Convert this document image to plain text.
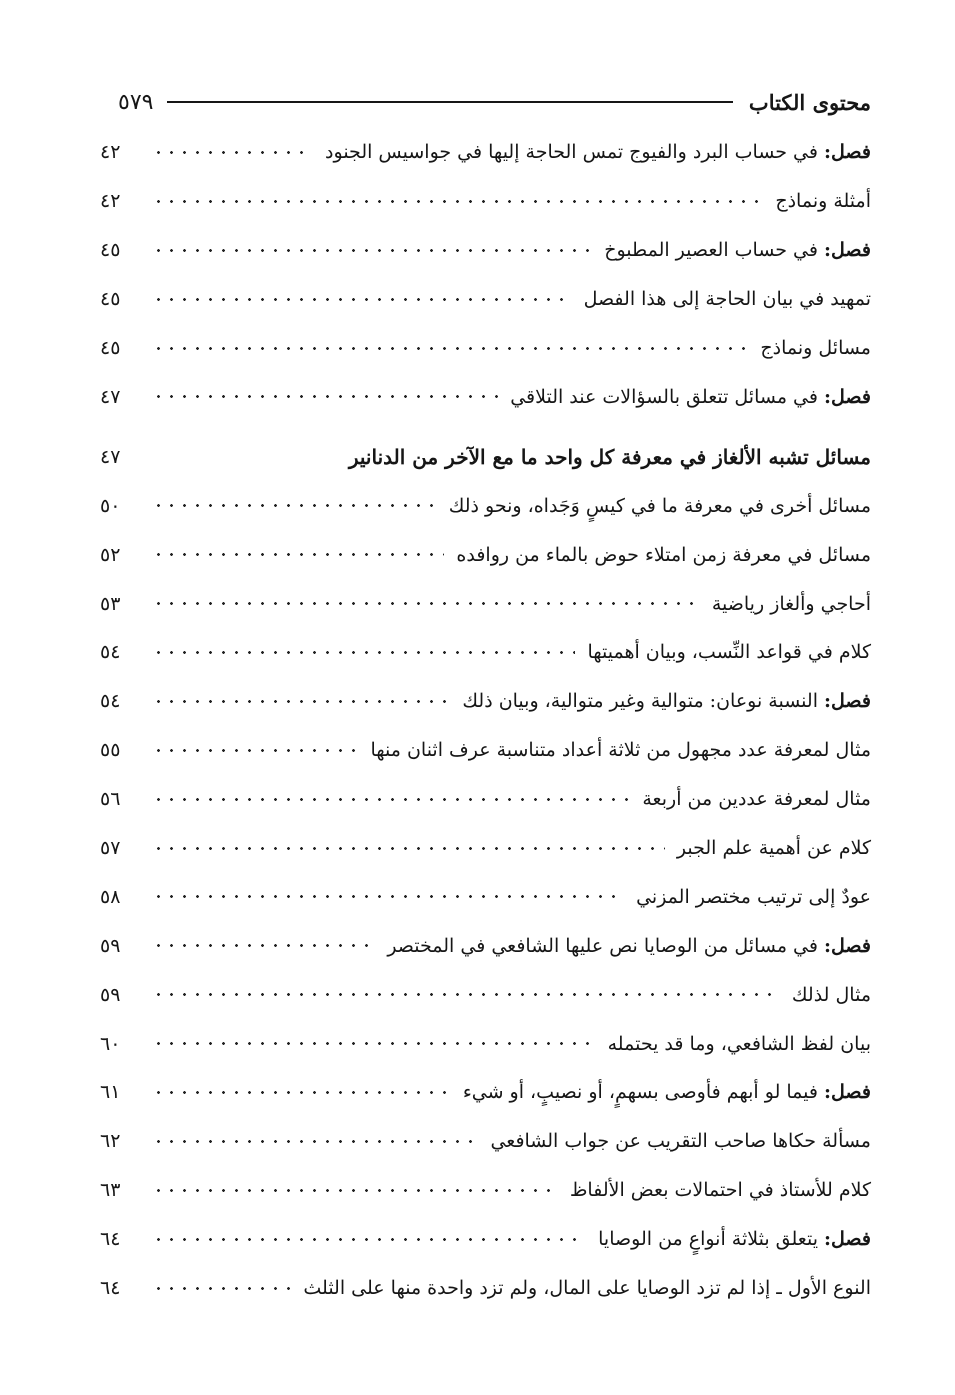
محتوى الكتاب
٥٧٩
فصل: في حساب البرد والفيوج تمس الحاجة إليها في جواسيس الجنود
٤٢
أمثلة ونماذج
٤٢
فصل: في حساب العصير المطبوخ
٤٥
تمهيد في بيان الحاجة إلى هذا الفصل
٤٥
مسائل ونماذج
٤٥
فصل: في مسائل تتعلق بالسؤالات عند التلاقي
٤٧
مسائل تشبه الألغاز في معرفة كل واحد ما مع الآخر من الدنانير
٤٧
مسائل أخرى في معرفة ما في كيسٍ وَجَداه، ونحو ذلك
٥٠
مسائل في معرفة زمن امتلاء حوض بالماء من روافده
٥٢
أحاجي وألغاز رياضية
٥٣
كلام في قواعد النِّسب، وبيان أهميتها
٥٤
فصل: النسبة نوعان: متوالية وغير متوالية، وبيان ذلك
٥٤
مثال لمعرفة عدد مجهول من ثلاثة أعداد متناسبة عرف اثنان منها
٥٥
مثال لمعرفة عددين من أربعة
٥٦
كلام عن أهمية علم الجبر
٥٧
عودٌ إلى ترتيب مختصر المزني
٥٨
فصل: في مسائل من الوصايا نص عليها الشافعي في المختصر
٥٩
مثال لذلك
٥٩
بيان لفظ الشافعي، وما قد يحتمله
٦٠
فصل: فيما لو أبهم فأوصى بسهمٍ، أو نصيبٍ، أو شيء
٦١
مسألة حكاها صاحب التقريب عن جواب الشافعي
٦٢
كلام للأستاذ في احتمالات بعض الألفاظ
٦٣
فصل: يتعلق بثلاثة أنواعٍ من الوصايا
٦٤
النوع الأول ـ إذا لم تزد الوصايا على المال، ولم تزد واحدة منها على الثلث
٦٤
